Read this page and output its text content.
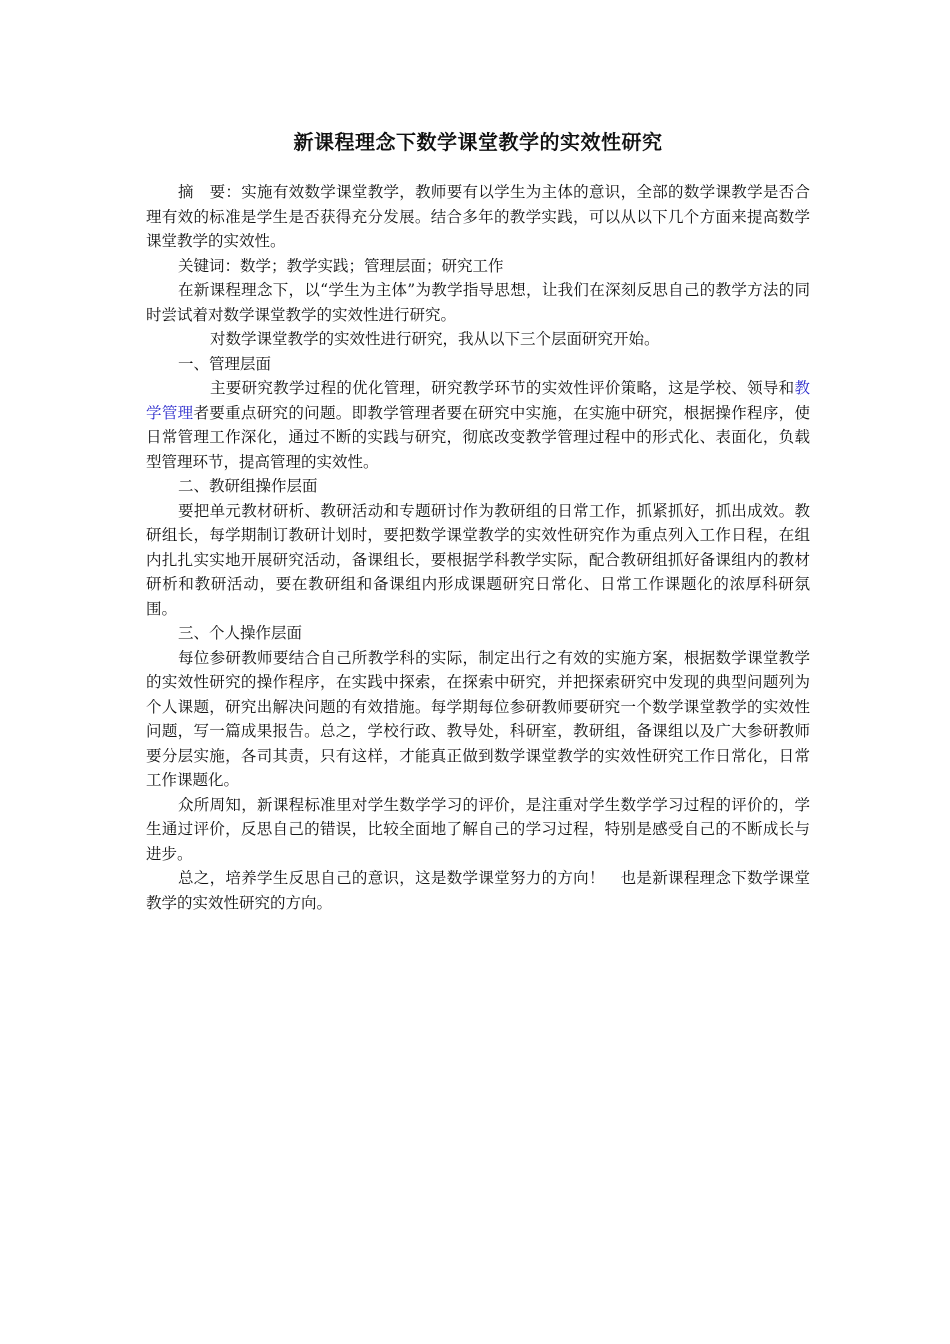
新课程理念下数学课堂教学的实效性研究

摘　要：实施有效数学课堂教学，教师要有以学生为主体的意识，全部的数学课教学是否合理有效的标准是学生是否获得充分发展。结合多年的教学实践，可以从以下几个方面来提高数学课堂教学的实效性。

关键词：数学；教学实践；管理层面；研究工作

在新课程理念下，以“学生为主体”为教学指导思想，让我们在深刻反思自己的教学方法的同时尝试着对数学课堂教学的实效性进行研究。

对数学课堂教学的实效性进行研究，我从以下三个层面研究开始。

一、管理层面

主要研究教学过程的优化管理，研究教学环节的实效性评价策略，这是学校、领导和教学管理者要重点研究的问题。即教学管理者要在研究中实施，在实施中研究，根据操作程序，使日常管理工作深化，通过不断的实践与研究，彻底改变教学管理过程中的形式化、表面化，负载型管理环节，提高管理的实效性。

二、教研组操作层面

要把单元教材研析、教研活动和专题研讨作为教研组的日常工作，抓紧抓好，抓出成效。教研组长，每学期制订教研计划时，要把数学课堂教学的实效性研究作为重点列入工作日程，在组内扎扎实实地开展研究活动，备课组长，要根据学科教学实际，配合教研组抓好备课组内的教材研析和教研活动，要在教研组和备课组内形成课题研究日常化、日常工作课题化的浓厚科研氛围。

三、个人操作层面

每位参研教师要结合自己所教学科的实际，制定出行之有效的实施方案，根据数学课堂教学的实效性研究的操作程序，在实践中探索，在探索中研究，并把探索研究中发现的典型问题列为个人课题，研究出解决问题的有效措施。每学期每位参研教师要研究一个数学课堂教学的实效性问题，写一篇成果报告。总之，学校行政、教导处，科研室，教研组，备课组以及广大参研教师要分层实施，各司其责，只有这样，才能真正做到数学课堂教学的实效性研究工作日常化，日常工作课题化。

众所周知，新课程标准里对学生数学学习的评价，是注重对学生数学学习过程的评价的，学生通过评价，反思自己的错误，比较全面地了解自己的学习过程，特别是感受自己的不断成长与进步。

总之，培养学生反思自己的意识，这是数学课堂努力的方向！　也是新课程理念下数学课堂教学的实效性研究的方向。
